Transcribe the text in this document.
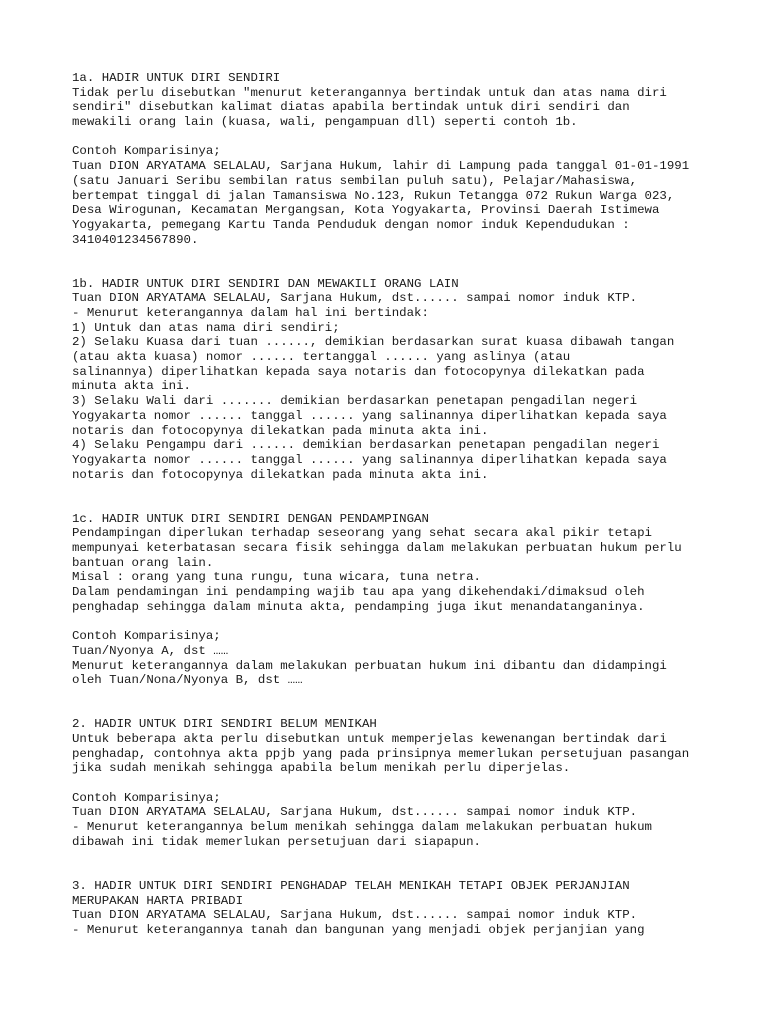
1a. HADIR UNTUK DIRI SENDIRI
Tidak perlu disebutkan "menurut keterangannya bertindak untuk dan atas nama diri
sendiri" disebutkan kalimat diatas apabila bertindak untuk diri sendiri dan
mewakili orang lain (kuasa, wali, pengampuan dll) seperti contoh 1b.
Contoh Komparisinya;
Tuan DION ARYATAMA SELALAU, Sarjana Hukum, lahir di Lampung pada tanggal 01-01-1991
(satu Januari Seribu sembilan ratus sembilan puluh satu), Pelajar/Mahasiswa,
bertempat tinggal di jalan Tamansiswa No.123, Rukun Tetangga 072 Rukun Warga 023,
Desa Wirogunan, Kecamatan Mergangsan, Kota Yogyakarta, Provinsi Daerah Istimewa
Yogyakarta, pemegang Kartu Tanda Penduduk dengan nomor induk Kependudukan :
3410401234567890.
1b. HADIR UNTUK DIRI SENDIRI DAN MEWAKILI ORANG LAIN
Tuan DION ARYATAMA SELALAU, Sarjana Hukum, dst...... sampai nomor induk KTP.
- Menurut keterangannya dalam hal ini bertindak:
1) Untuk dan atas nama diri sendiri;
2) Selaku Kuasa dari tuan ......, demikian berdasarkan surat kuasa dibawah tangan
(atau akta kuasa) nomor ...... tertanggal ...... yang aslinya (atau
salinannya) diperlihatkan kepada saya notaris dan fotocopynya dilekatkan pada
minuta akta ini.
3) Selaku Wali dari ....... demikian berdasarkan penetapan pengadilan negeri
Yogyakarta nomor ...... tanggal ...... yang salinannya diperlihatkan kepada saya
notaris dan fotocopynya dilekatkan pada minuta akta ini.
4) Selaku Pengampu dari ...... demikian berdasarkan penetapan pengadilan negeri
Yogyakarta nomor ...... tanggal ...... yang salinannya diperlihatkan kepada saya
notaris dan fotocopynya dilekatkan pada minuta akta ini.
1c. HADIR UNTUK DIRI SENDIRI DENGAN PENDAMPINGAN
Pendampingan diperlukan terhadap seseorang yang sehat secara akal pikir tetapi
mempunyai keterbatasan secara fisik sehingga dalam melakukan perbuatan hukum perlu
bantuan orang lain.
Misal : orang yang tuna rungu, tuna wicara, tuna netra.
Dalam pendamingan ini pendamping wajib tau apa yang dikehendaki/dimaksud oleh
penghadap sehingga dalam minuta akta, pendamping juga ikut menandatanganinya.
Contoh Komparisinya;
Tuan/Nyonya A, dst ……
Menurut keterangannya dalam melakukan perbuatan hukum ini dibantu dan didampingi
oleh Tuan/Nona/Nyonya B, dst ……
2. HADIR UNTUK DIRI SENDIRI BELUM MENIKAH
Untuk beberapa akta perlu disebutkan untuk memperjelas kewenangan bertindak dari
penghadap, contohnya akta ppjb yang pada prinsipnya memerlukan persetujuan pasangan
jika sudah menikah sehingga apabila belum menikah perlu diperjelas.
Contoh Komparisinya;
Tuan DION ARYATAMA SELALAU, Sarjana Hukum, dst...... sampai nomor induk KTP.
- Menurut keterangannya belum menikah sehingga dalam melakukan perbuatan hukum
dibawah ini tidak memerlukan persetujuan dari siapapun.
3. HADIR UNTUK DIRI SENDIRI PENGHADAP TELAH MENIKAH TETAPI OBJEK PERJANJIAN
MERUPAKAN HARTA PRIBADI
Tuan DION ARYATAMA SELALAU, Sarjana Hukum, dst...... sampai nomor induk KTP.
- Menurut keterangannya tanah dan bangunan yang menjadi objek perjanjian yang
